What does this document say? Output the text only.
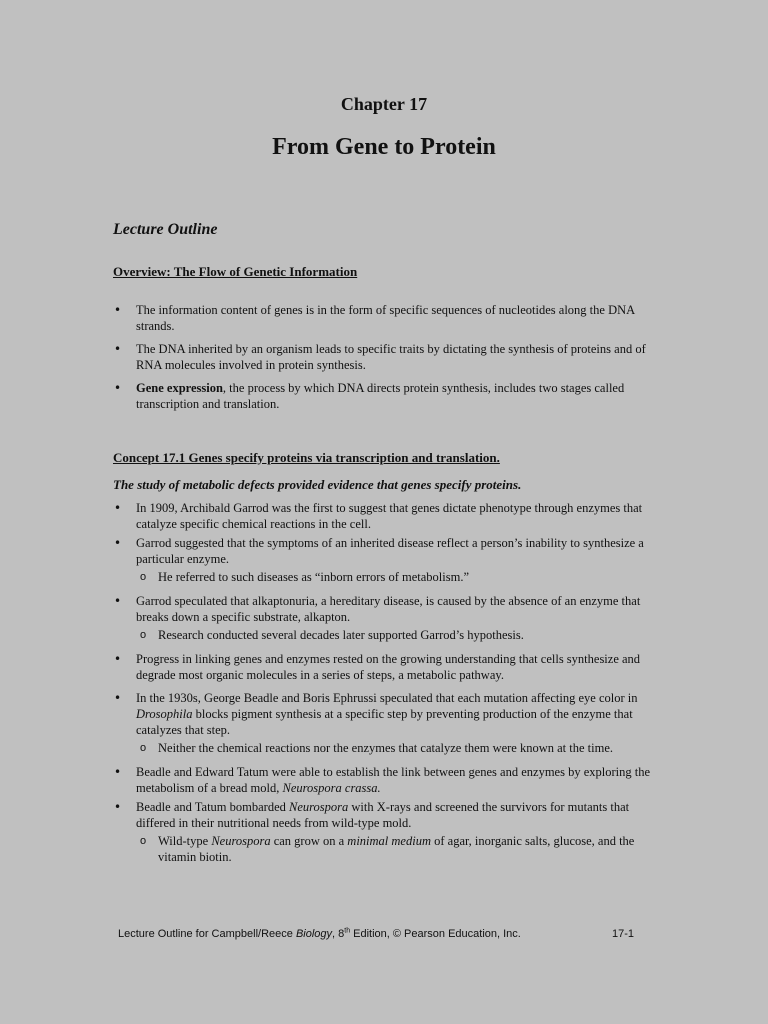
Chapter 17
From Gene to Protein
Lecture Outline
Overview: The Flow of Genetic Information
• The information content of genes is in the form of specific sequences of nucleotides along the DNA strands.
• The DNA inherited by an organism leads to specific traits by dictating the synthesis of proteins and of RNA molecules involved in protein synthesis.
• Gene expression, the process by which DNA directs protein synthesis, includes two stages called transcription and translation.
Concept 17.1 Genes specify proteins via transcription and translation.
The study of metabolic defects provided evidence that genes specify proteins.
• In 1909, Archibald Garrod was the first to suggest that genes dictate phenotype through enzymes that catalyze specific chemical reactions in the cell.
• Garrod suggested that the symptoms of an inherited disease reflect a person’s inability to synthesize a particular enzyme.
o He referred to such diseases as “inborn errors of metabolism.”
• Garrod speculated that alkaptonuria, a hereditary disease, is caused by the absence of an enzyme that breaks down a specific substrate, alkapton.
o Research conducted several decades later supported Garrod’s hypothesis.
• Progress in linking genes and enzymes rested on the growing understanding that cells synthesize and degrade most organic molecules in a series of steps, a metabolic pathway.
• In the 1930s, George Beadle and Boris Ephrussi speculated that each mutation affecting eye color in Drosophila blocks pigment synthesis at a specific step by preventing production of the enzyme that catalyzes that step.
o Neither the chemical reactions nor the enzymes that catalyze them were known at the time.
• Beadle and Edward Tatum were able to establish the link between genes and enzymes by exploring the metabolism of a bread mold, Neurospora crassa.
• Beadle and Tatum bombarded Neurospora with X-rays and screened the survivors for mutants that differed in their nutritional needs from wild-type mold.
o Wild-type Neurospora can grow on a minimal medium of agar, inorganic salts, glucose, and the vitamin biotin.
Lecture Outline for Campbell/Reece Biology, 8th Edition, © Pearson Education, Inc.	17-1
